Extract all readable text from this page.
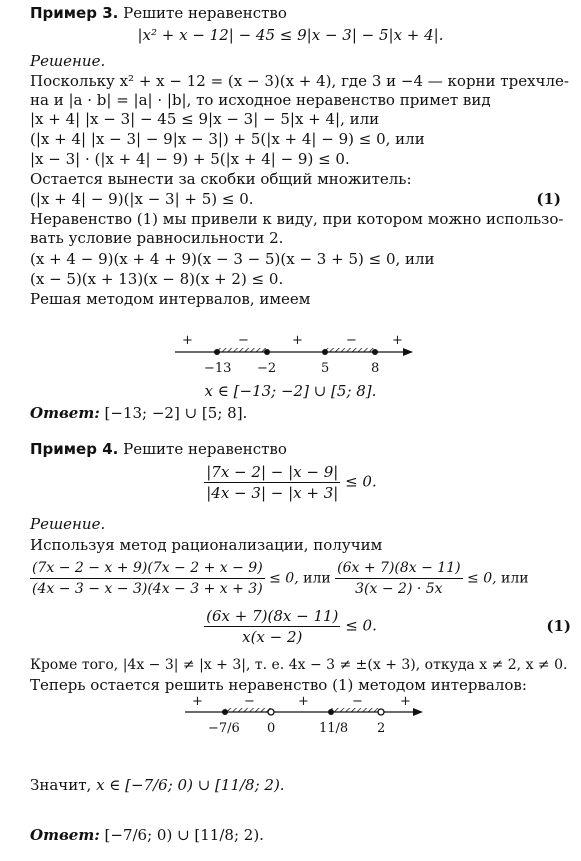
Пример 3. Решите неравенство
|x² + x − 12| − 45 ≤ 9|x − 3| − 5|x + 4|.
Решение.
Поскольку x² + x − 12 = (x − 3)(x + 4), где 3 и −4 — корни трехчле-
на и |a · b| = |a| · |b|, то исходное неравенство примет вид
|x + 4| |x − 3| − 45 ≤ 9|x − 3| − 5|x + 4|, или
(|x + 4| |x − 3| − 9|x − 3|) + 5(|x + 4| − 9) ≤ 0, или
|x − 3| · (|x + 4| − 9) + 5(|x + 4| − 9) ≤ 0.
Остается вынести за скобки общий множитель:
(|x + 4| − 9)(|x − 3| + 5) ≤ 0.	(1)
Неравенство (1) мы привели к виду, при котором можно использо-
вать условие равносильности 2.
(x + 4 − 9)(x + 4 + 9)(x − 3 − 5)(x − 3 + 5) ≤ 0, или
(x − 5)(x + 13)(x − 8)(x + 2) ≤ 0.
Решая методом интервалов, имеем
+	−	+	−	+
−13 −2	5	8
x ∈ [−13; −2] ∪ [5; 8].
Ответ: [−13; −2] ∪ [5; 8].
Пример 4. Решите неравенство
$\frac{|7x - 2| - |x - 9|}{|4x - 3| - |x + 3|} \le 0$.
Решение.
Используя метод рационализации, получим
$\frac{(7x - 2 - x + 9)(7x - 2 + x - 9)}{(4x - 3 - x - 3)(4x - 3 + x + 3)} \le 0$, или $\frac{(6x + 7)(8x - 11)}{3(x - 2) \cdot 5x} \le 0$, или
$\frac{(6x + 7)(8x - 11)}{x(x - 2)} \le 0$.	(1)
Кроме того, |4x − 3| ≠ |x + 3|, т. е. 4x − 3 ≠ ±(x + 3), откуда x ≠ 2, x ≠ 0.
Теперь остается решить неравенство (1) методом интервалов:
+	−	+	−	+
−7/6 0	11/8 2
Значит, x ∈ [−7/6; 0) ∪ [11/8; 2).
Ответ: [−7/6; 0) ∪ [11/8; 2).
